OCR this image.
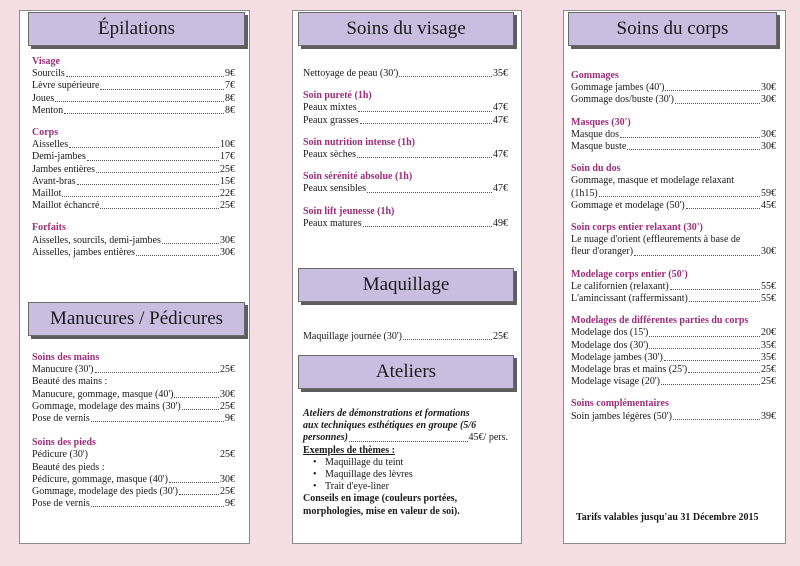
Épilations
Visage
Sourcils	9€
Lèvre supérieure	7€
Joues	8€
Menton	8€
Corps
Aisselles	10€
Demi-jambes	17€
Jambes entières	25€
Avant-bras	15€
Maillot	22€
Maillot échancré	25€
Forfaits
Aisselles, sourcils, demi-jambes	30€
Aisselles, jambes entières	30€
Manucures / Pédicures
Soins des mains
Manucure (30')	25€
Beauté des mains :
Manucure, gommage, masque (40')	30€
Gommage, modelage des mains (30')	25€
Pose de vernis	9€
Soins des pieds
Pédicure (30')	25€
Beauté des pieds :
Pédicure, gommage, masque (40')	30€
Gommage, modelage des pieds (30')	25€
Pose de vernis	9€
Soins du visage
Nettoyage de peau (30')	35€
Soin pureté (1h)
Peaux mixtes	47€
Peaux grasses	47€
Soin nutrition intense (1h)
Peaux sèches	47€
Soin sérénité absolue (1h)
Peaux sensibles	47€
Soin lift jeunesse (1h)
Peaux matures	49€
Maquillage
Maquillage journée (30')	25€
Ateliers
Ateliers de démonstrations et formations
aux techniques esthétiques en groupe (5/6
personnes)	45€/ pers.
Exemples de thèmes :
• Maquillage du teint
• Maquillage des lèvres
• Trait d'eye-liner
Conseils en image (couleurs portées,
morphologies, mise en valeur de soi).
Soins du corps
Gommages
Gommage jambes (40')	30€
Gommage dos/buste (30')	30€
Masques (30')
Masque dos	30€
Masque buste	30€
Soin du dos
Gommage, masque et modelage relaxant
(1h15)	59€
Gommage et modelage (50')	45€
Soin corps entier relaxant (30')
Le nuage d'orient (effleurements à base de
fleur d'oranger)	30€
Modelage corps entier (50')
Le californien (relaxant)	55€
L'amincissant (raffermissant)	55€
Modelages de différentes parties du corps
Modelage dos (15')	20€
Modelage dos (30')	35€
Modelage jambes (30')	35€
Modelage bras et mains (25')	25€
Modelage visage (20')	25€
Soins complémentaires
Soin jambes légères (50')	39€
Tarifs valables jusqu'au 31 Décembre 2015
